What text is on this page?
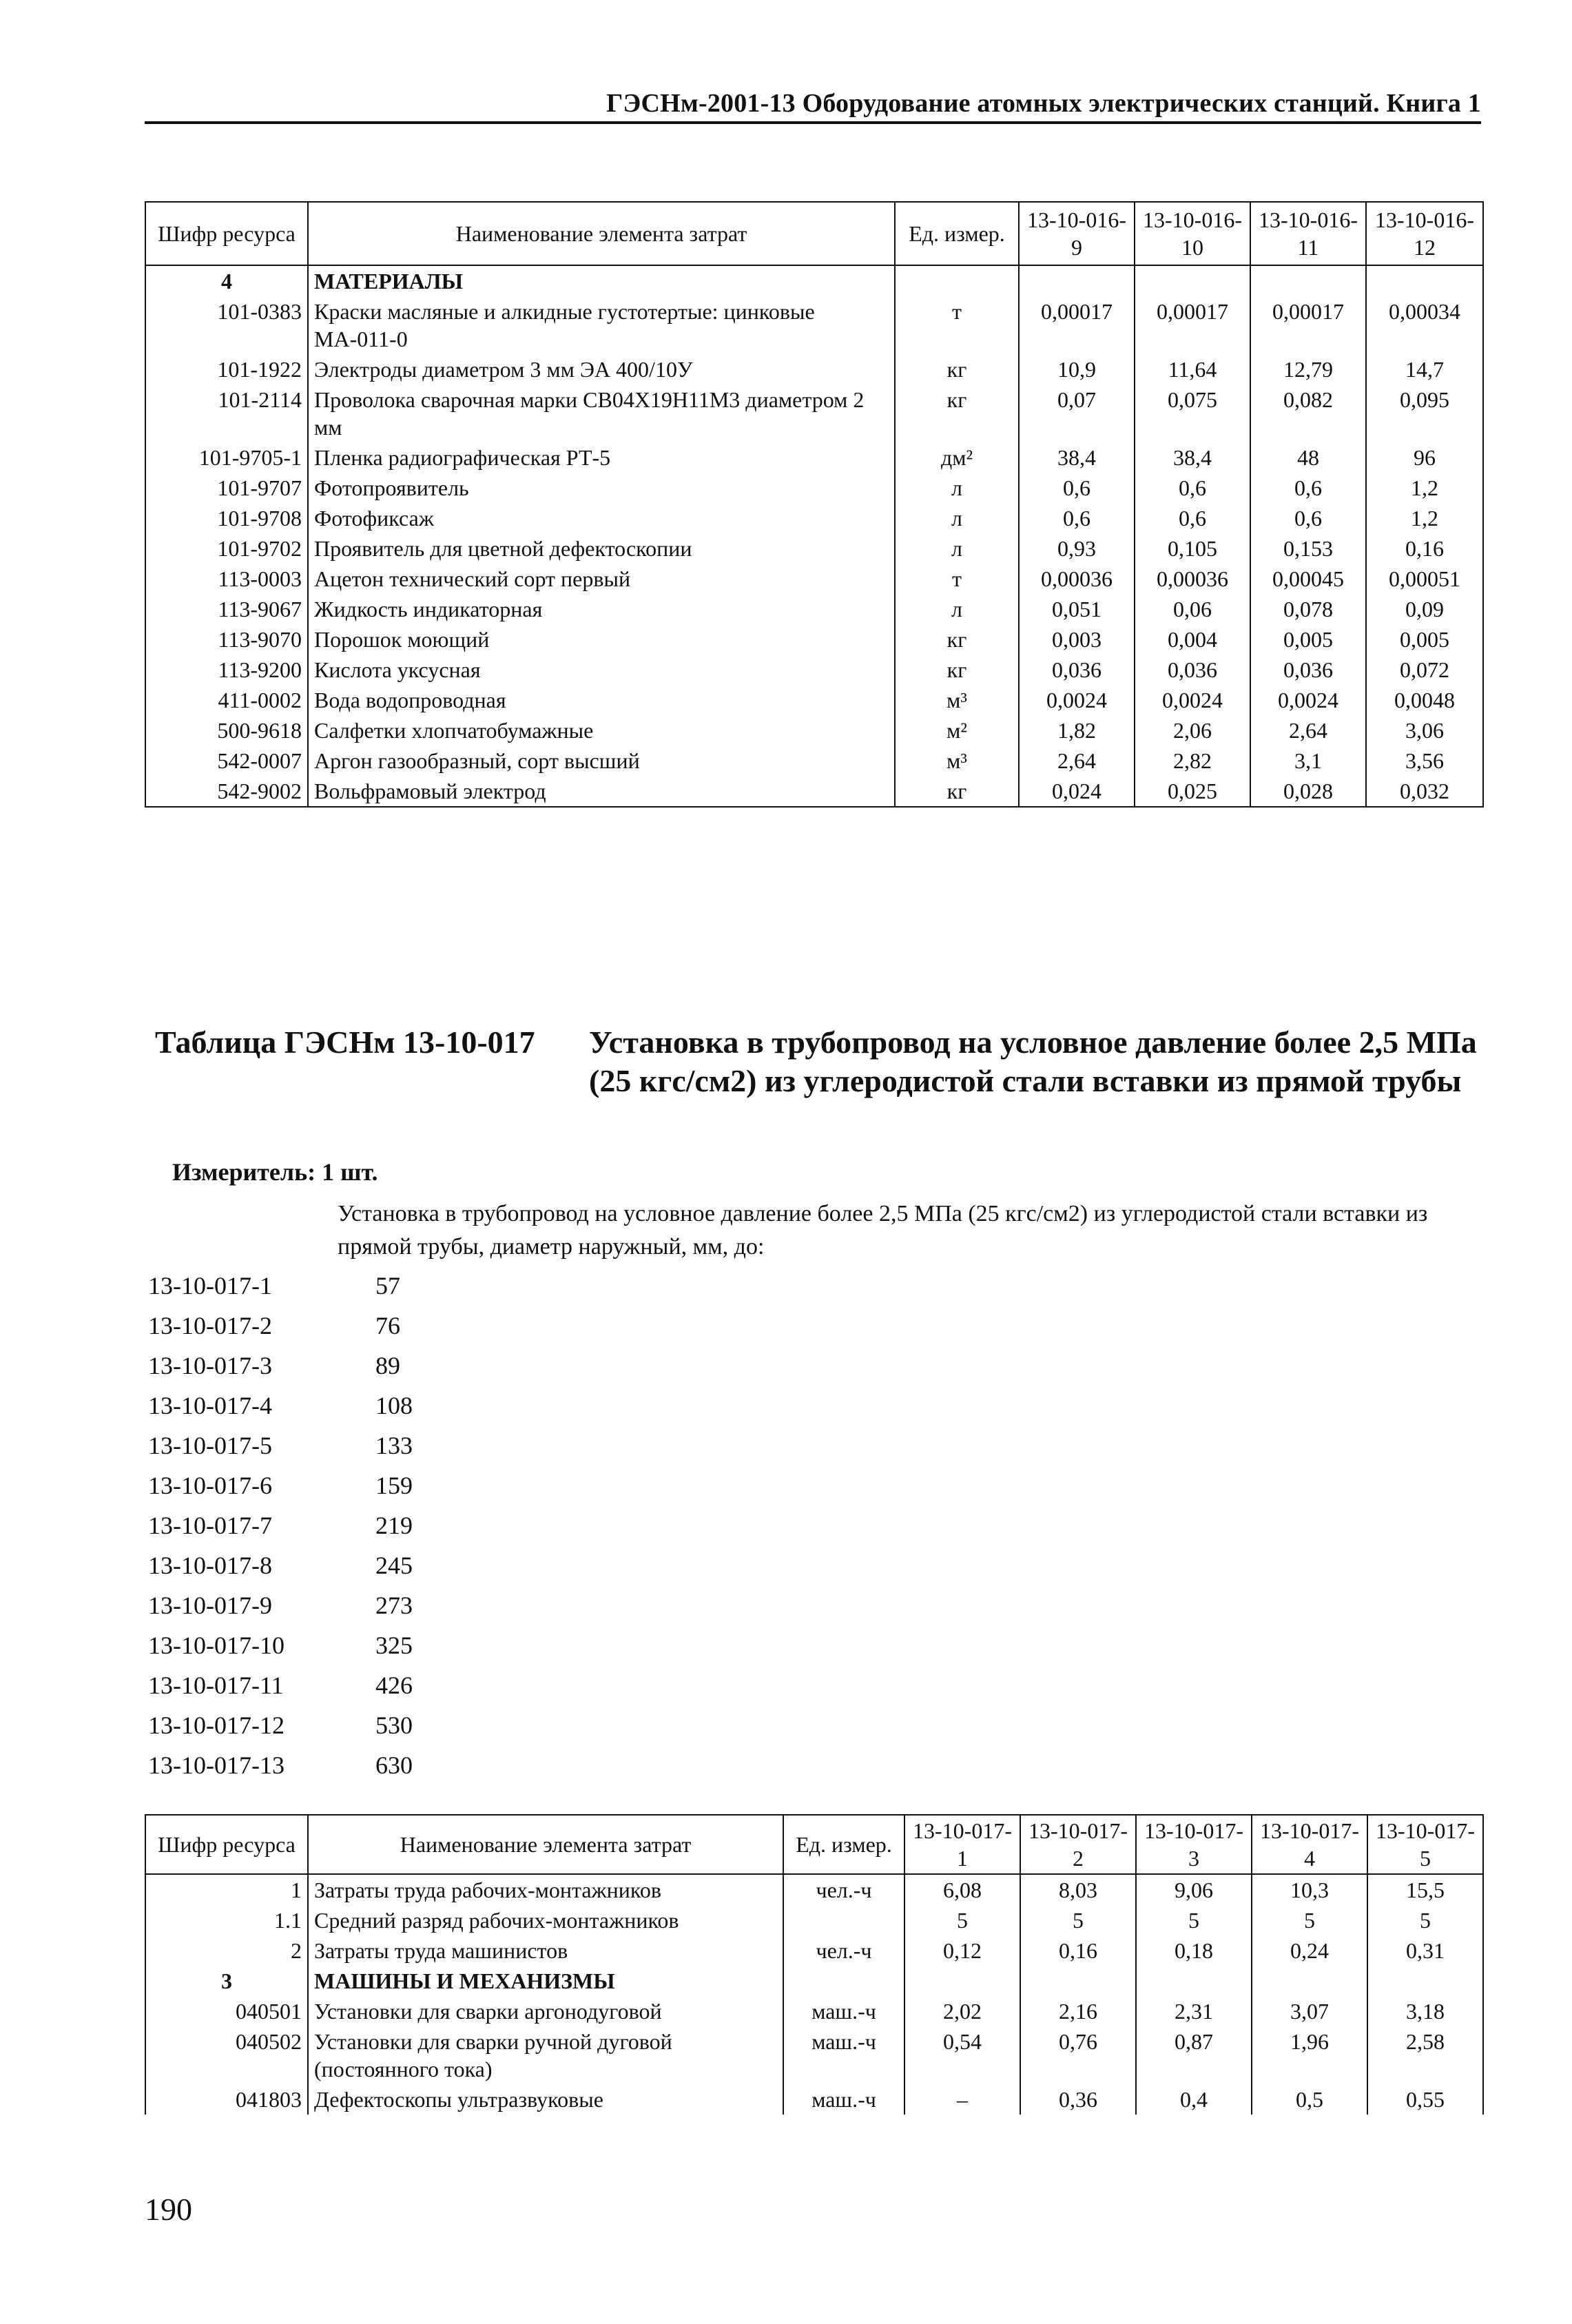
ГЭСНм-2001-13 Оборудование атомных электрических станций. Книга 1
Шифр ресурса	Наименование элемента затрат	Ед. измер.	13-10-016-9	13-10-016-10	13-10-016-11	13-10-016-12
4	МАТЕРИАЛЫ					
101-0383	Краски масляные и алкидные густотертые: цинковые МА-011-0	т	0,00017	0,00017	0,00017	0,00034
101-1922	Электроды диаметром 3 мм ЭА 400/10У	кг	10,9	11,64	12,79	14,7
101-2114	Проволока сварочная марки СВ04Х19Н11М3 диаметром 2 мм	кг	0,07	0,075	0,082	0,095
101-9705-1	Пленка радиографическая РТ-5	дм²	38,4	38,4	48	96
101-9707	Фотопроявитель	л	0,6	0,6	0,6	1,2
101-9708	Фотофиксаж	л	0,6	0,6	0,6	1,2
101-9702	Проявитель для цветной дефектоскопии	л	0,93	0,105	0,153	0,16
113-0003	Ацетон технический сорт первый	т	0,00036	0,00036	0,00045	0,00051
113-9067	Жидкость индикаторная	л	0,051	0,06	0,078	0,09
113-9070	Порошок моющий	кг	0,003	0,004	0,005	0,005
113-9200	Кислота уксусная	кг	0,036	0,036	0,036	0,072
411-0002	Вода водопроводная	м³	0,0024	0,0024	0,0024	0,0048
500-9618	Салфетки хлопчатобумажные	м²	1,82	2,06	2,64	3,06
542-0007	Аргон газообразный, сорт высший	м³	2,64	2,82	3,1	3,56
542-9002	Вольфрамовый электрод	кг	0,024	0,025	0,028	0,032
Таблица ГЭСНм 13-10-017 Установка в трубопровод на условное давление более 2,5 МПа (25 кгс/см2) из углеродистой стали вставки из прямой трубы
Измеритель: 1 шт.
Установка в трубопровод на условное давление более 2,5 МПа (25 кгс/см2) из углеродистой стали вставки из прямой трубы, диаметр наружный, мм, до:
13-10-017-1	57
13-10-017-2	76
13-10-017-3	89
13-10-017-4	108
13-10-017-5	133
13-10-017-6	159
13-10-017-7	219
13-10-017-8	245
13-10-017-9	273
13-10-017-10	325
13-10-017-11	426
13-10-017-12	530
13-10-017-13	630
Шифр ресурса	Наименование элемента затрат	Ед. измер.	13-10-017-1	13-10-017-2	13-10-017-3	13-10-017-4	13-10-017-5
1	Затраты труда рабочих-монтажников	чел.-ч	6,08	8,03	9,06	10,3	15,5
1.1	Средний разряд рабочих-монтажников		5	5	5	5	5
2	Затраты труда машинистов	чел.-ч	0,12	0,16	0,18	0,24	0,31
3	МАШИНЫ И МЕХАНИЗМЫ						
040501	Установки для сварки аргонодуговой	маш.-ч	2,02	2,16	2,31	3,07	3,18
040502	Установки для сварки ручной дуговой (постоянного тока)	маш.-ч	0,54	0,76	0,87	1,96	2,58
041803	Дефектоскопы ультразвуковые	маш.-ч	–	0,36	0,4	0,5	0,55
190
